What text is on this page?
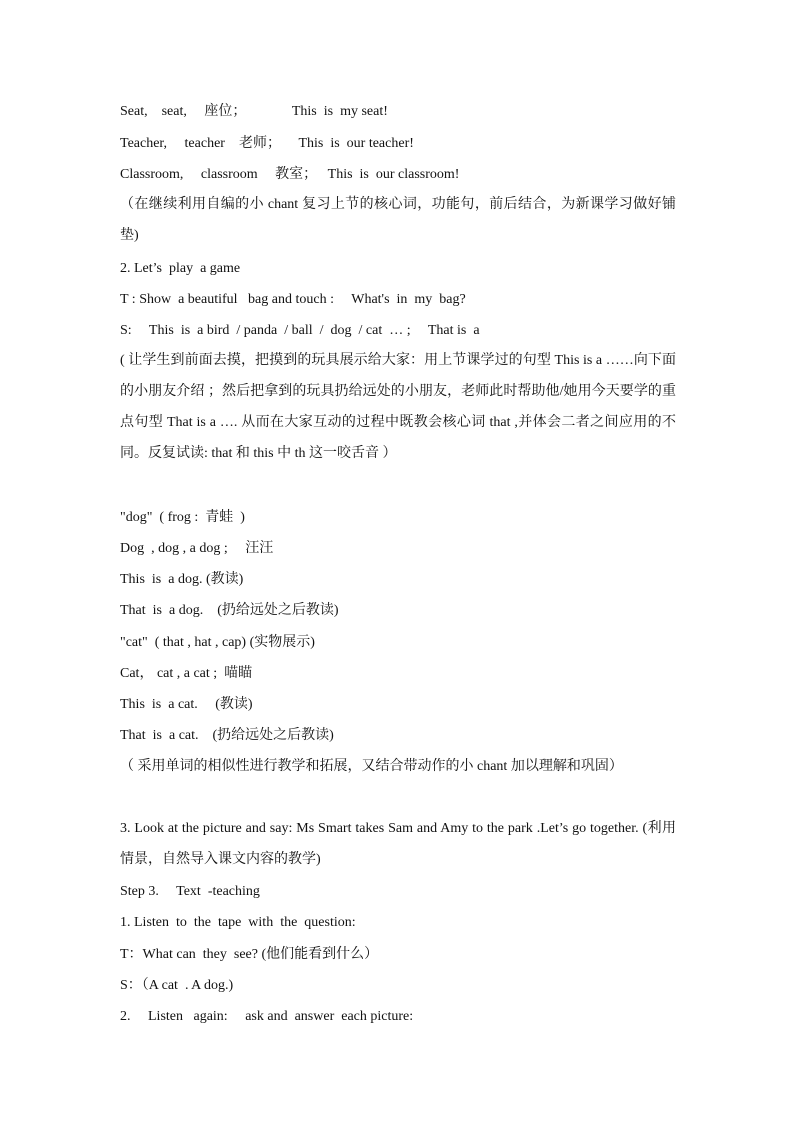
Seat,    seat,     座位；             This  is  my seat!
Teacher,     teacher    老师；     This  is  our teacher!
Classroom,     classroom     教室；   This  is  our classroom!
（在继续利用自编的小 chant 复习上节的核心词，功能句，前后结合，为新课学习做好铺垫)
2. Let’s  play  a game
T : Show  a beautiful   bag and touch :     What's  in  my  bag?
S:     This  is  a bird  / panda  / ball  /  dog  / cat  … ;     That is  a
( 让学生到前面去摸，把摸到的玩具展示给大家：用上节课学过的句型 This is a ……向下面的小朋友介绍 ；然后把拿到的玩具扔给远处的小朋友，老师此时帮助他/她用今天要学的重点句型 That is a …. 从而在大家互动的过程中既教会核心词 that ,并体会二者之间应用的不同。反复试读: that 和 this 中 th 这一咬舌音 ）
"dog"  ( frog :  青蛙  )
Dog  , dog , a dog ;     汪汪
This  is  a dog. (教读)
That  is  a dog.    (扔给远处之后教读)
"cat"  ( that , hat , cap) (实物展示)
Cat， cat , a cat ;  喵瞄
This  is  a cat.     (教读)
That  is  a cat.    (扔给远处之后教读)
（ 采用单词的相似性进行教学和拓展，又结合带动作的小 chant 加以理解和巩固）
3. Look at the picture and say: Ms Smart takes Sam and Amy to the park .Let’s go together. (利用情景，自然导入课文内容的教学)
Step 3.     Text  -teaching
1. Listen  to  the  tape  with  the  question:
T：What can  they  see? (他们能看到什么）
S：（A cat  . A dog.)
2.     Listen   again:     ask and  answer  each picture:
